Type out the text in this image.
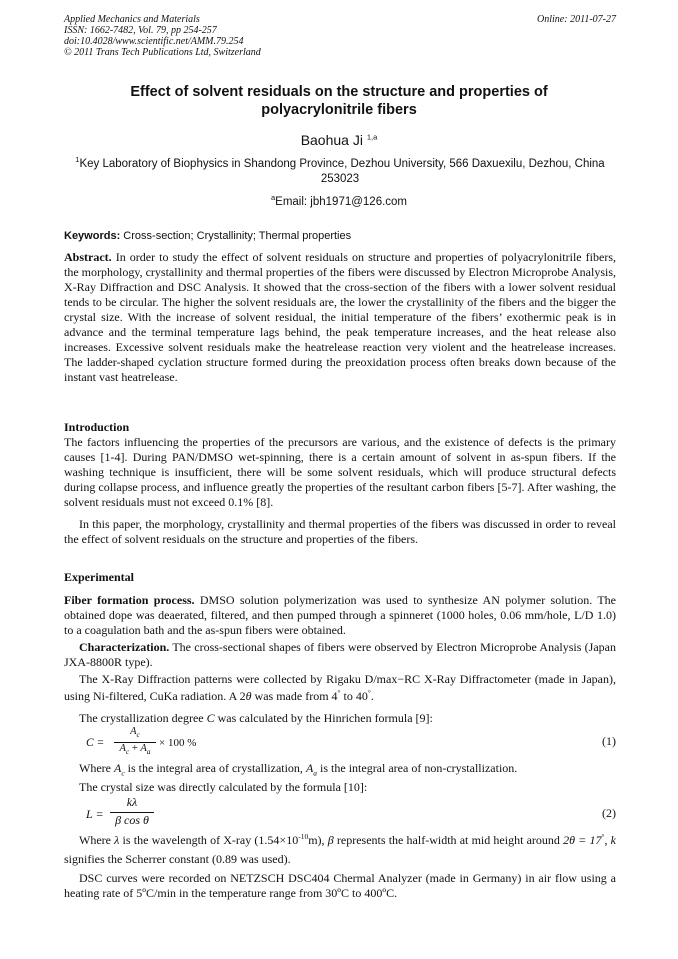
Applied Mechanics and Materials
ISSN: 1662-7482, Vol. 79, pp 254-257
doi:10.4028/www.scientific.net/AMM.79.254
© 2011 Trans Tech Publications Ltd, Switzerland
Online: 2011-07-27
Effect of solvent residuals on the structure and properties of
polyacrylonitrile fibers
Baohua Ji $^{1,a}$
$^1$Key Laboratory of Biophysics in Shandong Province, Dezhou University, 566 Daxuexilu, Dezhou, China 253023
$^a$Email: jbh1971@126.com
Keywords: Cross-section; Crystallinity; Thermal properties

Abstract. In order to study the effect of solvent residuals on structure and properties of polyacrylonitrile fibers, the morphology, crystallinity and thermal properties of the fibers were discussed by Electron Microprobe Analysis, X-Ray Diffraction and DSC Analysis. It showed that the cross-section of the fibers with a lower solvent residual tends to be circular. The higher the solvent residuals are, the lower the crystallinity of the fibers and the bigger the crystal size. With the increase of solvent residual, the initial temperature of the fibers’ exothermic peak is in advance and the terminal temperature lags behind, the peak temperature increases, and the heat release also increases. Excessive solvent residuals make the heatrelease reaction very violent and the heatrelease increases. The ladder-shaped cyclation structure formed during the preoxidation process often breaks down because of the instant vast heatrelease.

Introduction

The factors influencing the properties of the precursors are various, and the existence of defects is the primary causes [1-4]. During PAN/DMSO wet-spinning, there is a certain amount of solvent in as-spun fibers. If the washing technique is insufficient, there will be some solvent residuals, which will produce structural defects during collapse process, and influence greatly the properties of the resultant carbon fibers [5-7]. After washing, the solvent residuals must not exceed 0.1% [8].

In this paper, the morphology, crystallinity and thermal properties of the fibers was discussed in order to reveal the effect of solvent residuals on the structure and properties of the fibers.

Experimental

Fiber formation process. DMSO solution polymerization was used to synthesize AN polymer solution. The obtained dope was deaerated, filtered, and then pumped through a spinneret (1000 holes, 0.06 mm/hole, L/D 1.0) to a coagulation bath and the as-spun fibers were obtained.

Characterization. The cross-sectional shapes of fibers were observed by Electron Microprobe Analysis (Japan JXA-8800R type).

The X-Ray Diffraction patterns were collected by Rigaku D/max−RC X-Ray Diffractometer (made in Japan), using Ni-filtered, CuKa radiation. A 2θ was made from 4° to 40°.

The crystallization degree C was calculated by the Hinrichen formula [9]:

C =
$A_c$
$A_c + A_a$
× 100 %	(1)

Where $A_c$ is the integral area of crystallization, $A_a$ is the integral area of non-crystallization.

The crystal size was directly calculated by the formula [10]:

L =
kλ
β cos θ	(2)

Where λ is the wavelength of X-ray $(1.54\times 10^{-10}m)$, β represents the half-width at mid height around 2θ = 17°, k signifies the Scherrer constant (0.89 was used).

DSC curves were recorded on NETZSCH DSC404 Chermal Analyzer (made in Germany) in air flow using a heating rate of 5ºC/min in the temperature range from 30ºC to 400ºC.
